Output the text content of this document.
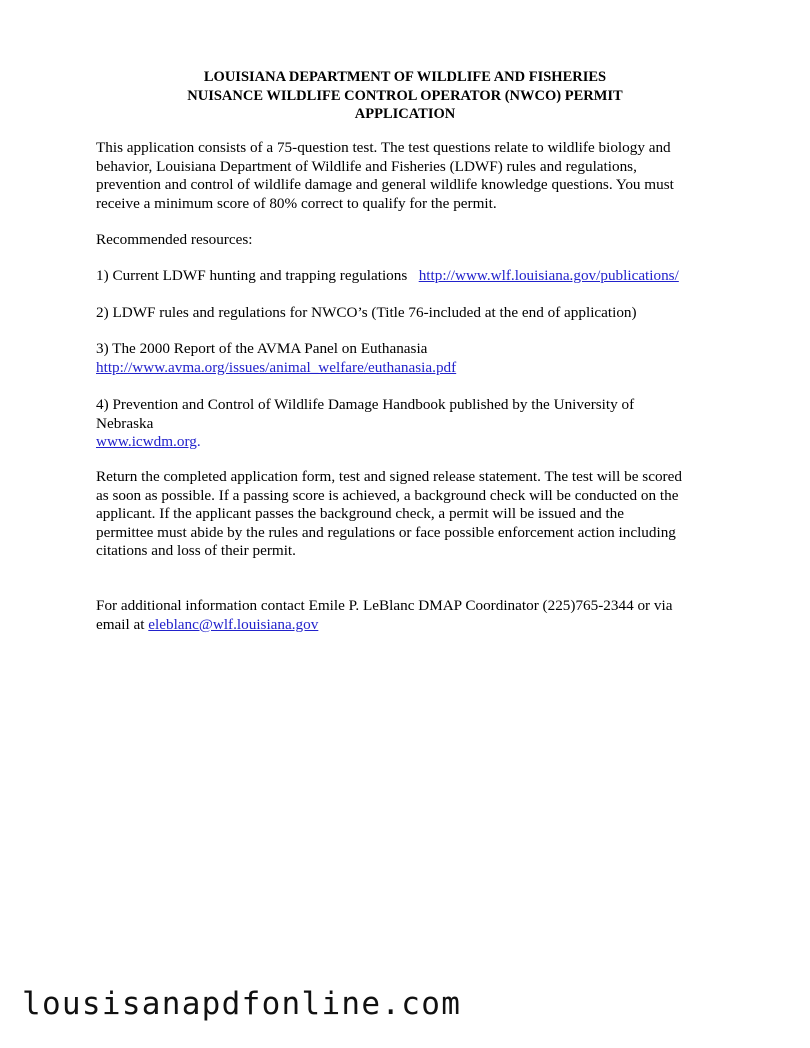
LOUISIANA DEPARTMENT OF WILDLIFE AND FISHERIES
NUISANCE WILDLIFE CONTROL OPERATOR (NWCO) PERMIT
APPLICATION
This application consists of a 75-question test. The test questions relate to wildlife biology and
behavior, Louisiana Department of Wildlife and Fisheries (LDWF) rules and regulations,
prevention and control of wildlife damage and general wildlife knowledge questions. You must
receive a minimum score of 80% correct to qualify for the permit.
Recommended resources:
1) Current LDWF hunting and trapping regulations http://www.wlf.louisiana.gov/publications/
2) LDWF rules and regulations for NWCO’s (Title 76-included at the end of application)
3) The 2000 Report of the AVMA Panel on Euthanasia
http://www.avma.org/issues/animal_welfare/euthanasia.pdf
4) Prevention and Control of Wildlife Damage Handbook published by the University of
Nebraska
www.icwdm.org.
Return the completed application form, test and signed release statement. The test will be scored
as soon as possible. If a passing score is achieved, a background check will be conducted on the
applicant. If the applicant passes the background check, a permit will be issued and the
permittee must abide by the rules and regulations or face possible enforcement action including
citations and loss of their permit.
For additional information contact Emile P. LeBlanc DMAP Coordinator (225)765-2344 or via
email at eleblanc@wlf.louisiana.gov
lousisanapdfonline.com
